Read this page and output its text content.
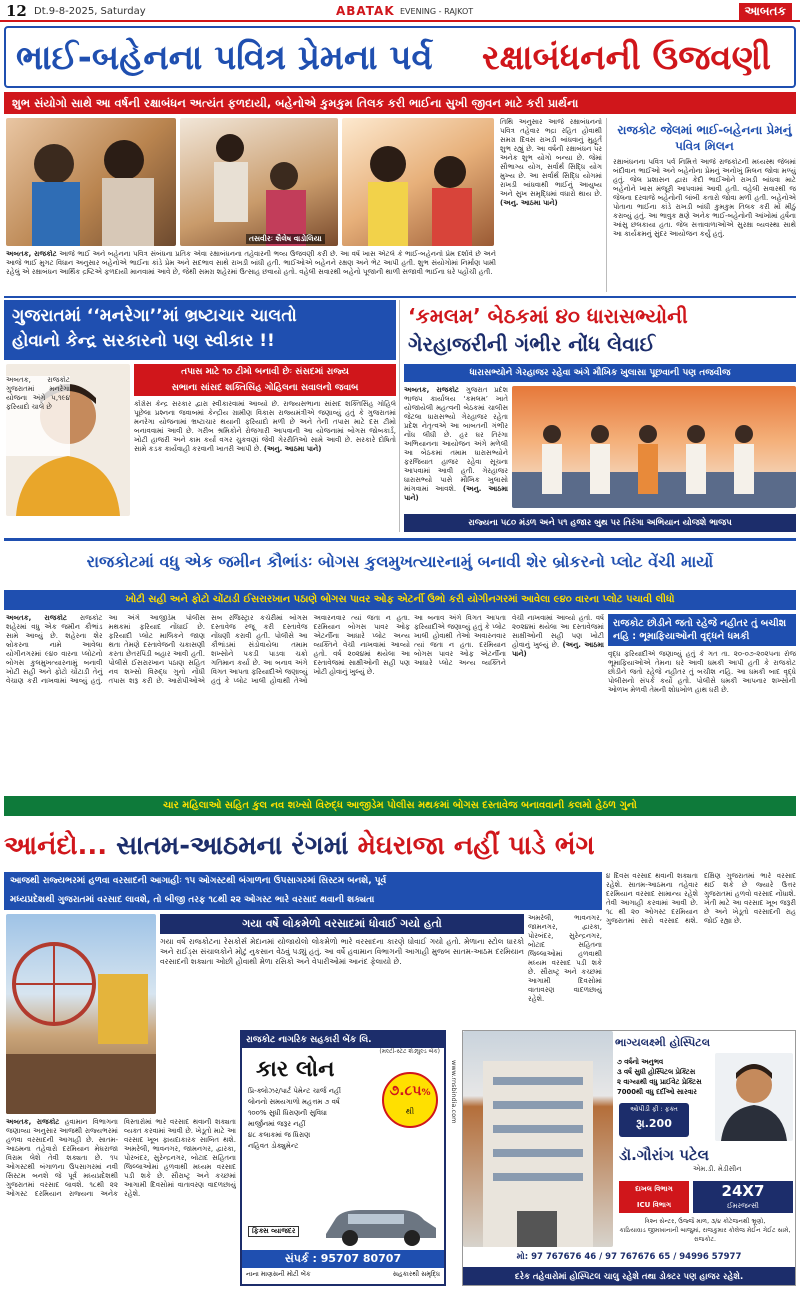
12 Dt.9-8-2025, Saturday	ABATAK EVENING - RAJKOT	આબતક
ભાઈ-બહેનના પવિત્ર પ્રેમના પર્વ રક્ષાબંધનની ઉજવણી
શુભ સંયોગો સાથે આ વર્ષની રક્ષાબંધન અત્યંત ફળદાયી, બહેનોએ કુમકુમ તિલક કરી ભાઈના સુખી જીવન માટે કરી પ્રાર્થના
તસવીરઃ શૈલેષ વાડોલિયા
અબતક, રાજકોટ આજે ભાઈ અને બહેનના પવિત્ર સંબંધના પ્રતિક એવા રક્ષાબંધનના તહેવારની ભવ્ય ઉજવણી કરી છે. આ વર્ષ ખાસ એટલે કે ભાઈ-બહેનનો પ્રેમ દર્શાવે છે અને આજે ભાઈ મુગટ વિધાન અનુસાર બહેનોએ ભાઈના કાંડે પ્રેમ અને સદભાવ સાથે રાખડી બાંધી હતી. ભાઈઓએ બહેનને રક્ષણ અને ભેટ આપી હતી. શુભ સંયોગોમાં નિર્માણ પામી રહેલું એ રક્ષાબંધન આર્થિક દ્રષ્ટિએ ફળદાયી માનવામાં આવે છે, જેથી સમગ્ર શહેરમાં ઉત્સાહ છવાયો હતો. વહેલી સવારથી બહેનો પૂજાની થાળી સજાવી ભાઈના ઘરે પહોંચી હતી.
તિથિ અનુસાર આજે રક્ષાબંધનનો પવિત્ર તહેવાર ભદ્રા રહિત હોવાથી સમગ્ર દિવસ રાખડી બાંધવાનું મુહૂર્ત શુભ રહ્યું છે. આ વર્ષની રક્ષાબંધન પર અનેક શુભ યોગો બન્યા છે. જેમાં સૌભાગ્ય યોગ, સર્વાર્થ સિદ્ધિ યોગ મુખ્ય છે. આ સર્વાર્થ સિદ્ધિ યોગમાં રાખડી બાંધવાથી ભાઈનું આયુષ્ય અને સુખ સમૃદ્ધિમાં વધારો થાય છે. (અનુ. આઠમા પાને)
રાજકોટ જેલમાં ભાઈ-બહેનના પ્રેમનું પવિત્ર મિલન
રક્ષાબંધનના પવિત્ર પર્વ નિમિત્તે આજે રાજકોટની મધ્યસ્થ જેલમાં બંદીવાન ભાઈઓ અને બહેનોના પ્રેમનું અનોખું મિલન જોવા મળ્યું હતું. જેલ પ્રશાસન દ્વારા કેદી ભાઈઓને રાખડી બાંધવા માટે બહેનોને ખાસ મંજૂરી આપવામાં આવી હતી. વહેલી સવારથી જ જેલના દરવાજે બહેનોની લાંબી કતારો જોવા મળી હતી. બહેનોએ પોતાના ભાઈના કાંડે રાખડી બાંધી કુમકુમ તિલક કરી મોં મીઠું કરાવ્યું હતું. આ ભાવુક ક્ષણે અનેક ભાઈ-બહેનોની આંખોમાં હર્ષના આંસુ છલકાયા હતા. જેલ સત્તાવાળાઓએ સુરક્ષા વ્યવસ્થા સાથે આ કાર્યક્રમનું સુંદર આયોજન કર્યું હતું.
ગુજરાતમાં ‘‘મનરેગા’’માં ભ્રષ્ટાચાર ચાલતો
હોવાનો કેન્દ્ર સરકારનો પણ સ્વીકાર !!
અબતક, રાજકોટ ગુજરાતમાં મનરેગા યોજના અંગે ૫,૧૯૪ ફરિયાદો ચાલે છે
તપાસ માટે ૧૦ ટીમો બનાવી છેઃ સંસદમાં રાજ્ય
સભાના સાંસદ શક્તિસિંહ ગોહિલના સવાલનો જવાબ
કોંગ્રેસ કેન્દ્ર સરકાર દ્વારા સ્વીકારવામાં આવ્યો છે. રાજ્યસભાના સાંસદ શક્તિસિંહ ગોહિલે પૂછેલા પ્રશ્નના જવાબમાં કેન્દ્રીય ગ્રામીણ વિકાસ રાજ્યમંત્રીએ જણાવ્યું હતું કે ગુજરાતમાં મનરેગા યોજનામાં ભ્રષ્ટાચાર થયાની ફરિયાદો મળી છે અને તેની તપાસ માટે દસ ટીમો બનાવવામાં આવી છે. ગરીબ શ્રમિકોને રોજગારી આપવાની આ યોજનામાં બોગસ જોબકાર્ડ, ખોટી હાજરી અને કામ કર્યા વગર ચુકવણાં જેવી ગેરરીતિઓ સામે આવી છે. સરકારે દોષિતો સામે કડક કાર્યવાહી કરવાની ખાતરી આપી છે. (અનુ. આઠમા પાને)
‘કમલમ’ બેઠકમાં ૪૦ ધારાસભ્યોની
ગેરહાજરીની ગંભીર નોંધ લેવાઈ
ધારાસભ્યોને ગેરહાજર રહેવા અંગે મૌખિક ખુલાસા પૂછવાની પણ તજવીજ
અબતક, રાજકોટ ગુજરાત પ્રદેશ ભાજપ કાર્યાલય ‘કમલમ’ ખાતે યોજાયેલી મહત્વની બેઠકમાં ચાલીસ જેટલા ધારાસભ્યો ગેરહાજર રહેતા પ્રદેશ નેતૃત્વએ આ બાબતની ગંભીર નોંધ લીધી છે. હર ઘર તિરંગા અભિયાનના આયોજન અંગે મળેલી આ બેઠકમાં તમામ ધારાસભ્યોને ફરજિયાત હાજર રહેવા સૂચના આપવામાં આવી હતી. ગેરહાજર ધારાસભ્યો પાસે મૌખિક ખુલાસો માંગવામાં આવશે. (અનુ. આઠમા પાને)
રાજ્યના ૫૮૦ મંડળ અને ૫૧ હજાર બુથ પર તિરંગા અભિયાન યોજશે ભાજપ
રાજકોટમાં વધુ એક જમીન કૌભાંડઃ બોગસ કુલમુખત્યારનામું બનાવી શેર બ્રોકરનો પ્લોટ વેંચી માર્યો
ખોટી સહી અને ફોટો ચોંટાડી ઈસરારખાન પઠાણે બોગસ પાવર ઓફ એટર્ની ઉભો કરી યોગીનગરમાં આવેલા ૯૪૦ વારના પ્લોટ પચાવી લીધો
અબતક, રાજકોટ રાજકોટ શહેરમાં વધુ એક જમીન કૌભાંડ સામે આવ્યું છે. શહેરના શેર બ્રોકરના નામે આવેલા યોગીનગરમાં ૯૪૦ વારના પ્લોટનો બોગસ કુલમુખત્યારનામું બનાવી ખોટી સહી અને ફોટો ચોંટાડી તેનું વેચાણ કરી નાખવામાં આવ્યું હતું. આ અંગે આજીડેમ પોલીસ મથકમાં ફરિયાદ નોંધાઈ છે. ફરિયાદી પ્લોટ માલિકને જાણ થતા તેમણે દસ્તાવેજની ચકાસણી કરતા છેતરપિંડી બહાર આવી હતી. પોલીસે ઈસરારખાન પઠાણ સહિત નવ શખ્સો વિરુદ્ધ ગુનો નોંધી તપાસ શરૂ કરી છે. આરોપીઓએ સબ રજિસ્ટ્રાર કચેરીમાં બોગસ દસ્તાવેજ રજૂ કરી દસ્તાવેજ નોંધણી કરાવી હતી. પોલીસે આ કૌભાંડમાં સંડોવાયેલા તમામ શખ્સોને પકડી પાડવા ચક્રો ગતિમાન કર્યા છે. આ બનાવ અંગે વિગત આપતા ફરિયાદીએ જણાવ્યું હતું કે પ્લોટ ખાલી હોવાથી તેઓ અવારનવાર ત્યાં જતા ન હતા. દરમિયાન બોગસ પાવર ઓફ એટર્નીના આધારે પ્લોટ અન્ય વ્યક્તિને વેચી નાખવામાં આવ્યો હતો. વર્ષ ૨૦૨૪માં થયેલા આ દસ્તાવેજમાં સાક્ષીઓની સહી પણ ખોટી હોવાનું ખુલ્યું છે.
આ બનાવ અંગે વિગત આપતા ફરિયાદીએ જણાવ્યું હતું કે પ્લોટ ખાલી હોવાથી તેઓ અવારનવાર ત્યાં જતા ન હતા. દરમિયાન બોગસ પાવર ઓફ એટર્નીના આધારે પ્લોટ અન્ય વ્યક્તિને વેચી નાખવામાં આવ્યો હતો. વર્ષ ૨૦૨૪માં થયેલા આ દસ્તાવેજમાં સાક્ષીઓની સહી પણ ખોટી હોવાનું ખુલ્યું છે. (અનુ. આઠમા પાને)
રાજકોટ છોડીને જતો રહેજે નહીતર તું બચીશ નહિ : ભૂમાફિયાઓની વૃદ્ધને ધમકી
વૃદ્ધ ફરિયાદીએ જણાવ્યું હતું કે ગત તા. ૨૦-૦૭-૨૦૨૫ના રોજ ભૂમાફિયાઓએ તેમના ઘરે આવી ધમકી આપી હતી કે રાજકોટ છોડીને જતો રહેજે નહીતર તું બચીશ નહિ. આ ધમકી બાદ વૃદ્ધે પોલીસનો સંપર્ક કર્યો હતો. પોલીસે ધમકી આપનાર શખ્સોની ઓળખ મેળવી તેમની શોધખોળ હાથ ધરી છે.
ચાર મહિલાઓ સહિત કુલ નવ શખ્સો વિરુદ્ધ આજીડેમ પોલીસ મથકમાં બોગસ દસ્તાવેજ બનાવવાની કલમો હેઠળ ગુનો
આનંદો... સાતમ-આઠમના રંગમાં મેઘરાજા નહીં પાડે ભંગ
આજથી રાજ્યભરમાં હળવા વરસાદની આગાહીઃ ૧૫ ઓગસ્ટથી બંગાળના ઉપસાગરમાં સિસ્ટમ બનશે, પૂર્વ
મધ્યપ્રદેશથી ગુજરાતમાં વરસાદ લાવશે, તો બીજી તરફ ૧૮થી ૨૨ ઓગસ્ટ ભારે વરસાદ થવાની શક્યતા
ગયા વર્ષે લોકમેળો વરસાદમાં ધોવાઈ ગયો હતો
ગયા વર્ષે રાજકોટના રેસકોર્સ મેદાનમાં યોજાયેલો લોકમેળો ભારે વરસાદના કારણે ધોવાઈ ગયો હતો. મેળાના સ્ટોલ ધારકો અને રાઈડ્સ સંચાલકોને મોટું નુકસાન વેઠવું પડ્યું હતું. આ વર્ષે હવામાન વિભાગની આગાહી મુજબ સાતમ-આઠમ દરમિયાન વરસાદની શક્યતા ઓછી હોવાથી મેળા રસિકો અને વેપારીઓમાં આનંદ ફેલાયો છે.
અબતક, રાજકોટ હવામાન વિભાગના જણાવ્યા અનુસાર આજથી રાજ્યભરમાં હળવા વરસાદની આગાહી છે. સાતમ-આઠમના તહેવારો દરમિયાન મેઘરાજા વિરામ લેશે તેવી શક્યતા છે. ૧૫ ઓગસ્ટથી બંગાળના ઉપસાગરમાં નવી સિસ્ટમ બનશે જે પૂર્વ મધ્યપ્રદેશથી ગુજરાતમાં વરસાદ લાવશે. ૧૮થી ૨૨ ઓગસ્ટ દરમિયાન રાજ્યના અનેક વિસ્તારોમાં ભારે વરસાદ થવાની શક્યતા વ્યક્ત કરવામાં આવી છે. ખેડૂતો માટે આ વરસાદ ખૂબ ફાયદાકારક સાબિત થશે. અમરેલી, ભાવનગર, જામનગર, દ્વારકા, પોરબંદર, સુરેન્દ્રનગર, બોટાદ સહિતના જિલ્લાઓમાં હળવાથી મધ્યમ વરસાદ પડી શકે છે. સૌરાષ્ટ્ર અને કચ્છમાં આગામી દિવસોમાં વાતાવરણ વાદળછાયું રહેશે.
૪ દિવસ વરસાદ થવાની શક્યતા રહેશે. સાતમ-આઠમના તહેવાર દરમિયાન વરસાદ સામાન્ય રહેશે તેવી આગાહી કરવામાં આવી છે. ૧૮ થી ૨૦ ઓગસ્ટ દરમિયાન ગુજરાતમાં સારો વરસાદ થશે. દક્ષિણ ગુજરાતમાં ભારે વરસાદ થઈ શકે છે જ્યારે ઉત્તર ગુજરાતમાં હળવો વરસાદ નોંધાશે. ખેતી માટે આ વરસાદ ખૂબ જરૂરી છે અને ખેડૂતો વરસાદની રાહ જોઈ રહ્યા છે.
અમરેલી, ભાવનગર, જામનગર, દ્વારકા, પોરબંદર, સુરેન્દ્રનગર, બોટાદ સહિતના જિલ્લાઓમાં હળવાથી મધ્યમ વરસાદ પડી શકે છે. સૌરાષ્ટ્ર અને કચ્છમાં આગામી દિવસોમાં વાતાવરણ વાદળછાયું રહેશે.
રાજકોટ નાગરિક સહકારી બેંક લિ.
(મલ્ટી-સ્ટેટ શેડ્યુલ્ડ બેંક)
કાર લોન
૭.૮૫%
થી
પ્રિ-ક્લોઝર/પાર્ટ પેમેન્ટ ચાર્જ નહીં
લોનનો સમયગાળો મહત્તમ ૭ વર્ષ
૧૦૦% સુધી ધિરાણની સુવિધા
માર્જીનમાં જરૂર નહીં
૪૮ કલાકમાં જ ધિરાણ
નહિવત ડોક્યુમેન્ટ
ફિક્સ વ્યાજદર
સંપર્ક : 95707 80707
નાના માણસની મોટી બેંક	સહકારથી સમૃદ્ધિ
www.rnsbindia.com
ભાગ્યલક્ષ્મી હોસ્પિટલ
૭ વર્ષનો અનુભવ
૩ વર્ષ સુધી હોસ્પિટલ પ્રેક્ટિસ
૨ વાગ્યાથી વધુ પ્રાઈવેટ પ્રેક્ટિસ
7000થી વધુ દર્દીઓ સારવાર
ઓપીડી ફી : ફક્ત
રૂા.200
ડૉ.ગૌરાંગ પટેલ
એમ.ડી. મેડીસીન
દાખલ વિભાગ
ICU વિભાગ
24X7
ઈમરજન્સી
ત્રિશ્ન સેન્ટર, ઉજ્જૈ માળ, ૩/૪ કોટેજનથી ભ્રૂણો,
કાઠિયાવાડ જીમખાનાની બાજુમાં, રાજકુમાર કોલેજ મેઈન ગેઈટ સામે, રાજકોટ.
મો: 97 767676 46 / 97 767676 65 / 94996 57977
દરેક તહેવારોમાં હોસ્પિટલ ચાલુ રહેશે તથા ડોક્ટર પણ હાજર રહેશે.
